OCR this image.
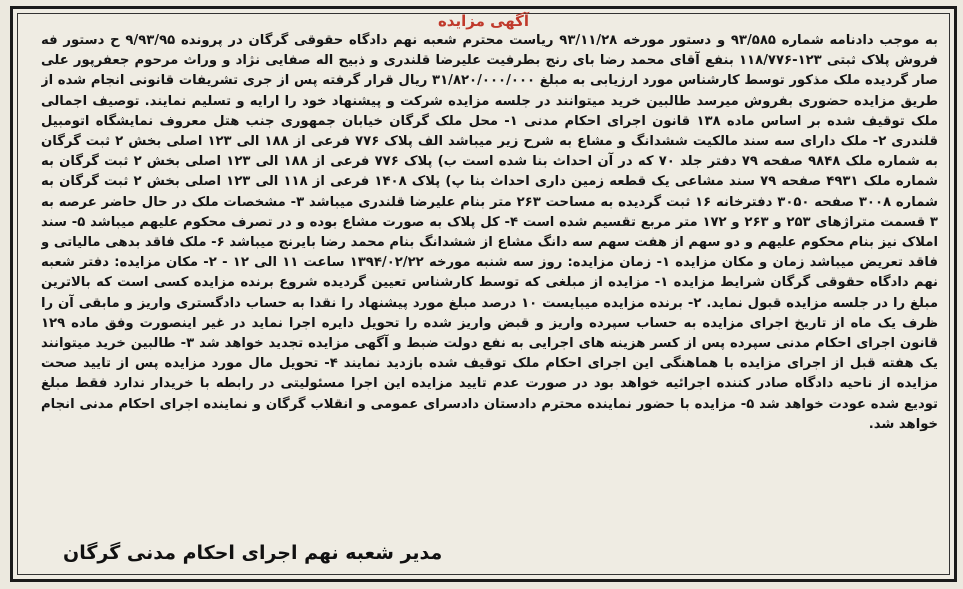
آگهی مزایده

به موجب دادنامه شماره ۹۳/۵۸۵ و دستور مورخه ۹۳/۱۱/۲۸ ریاست محترم شعبه نهم دادگاه حقوقی گرگان در پرونده ۹/۹۳/۹۵ ح دستور فه فروش پلاک ثبتی ۱۲۳-۱۱۸/۷۷۶ بنفع آقای محمد رضا بای رنج بطرفیت علیرضا قلندری و ذبیح اله صفایی نژاد و وراث مرحوم جعفرپور علی صار گردیده ملک مذکور توسط کارشناس مورد ارزیابی به مبلغ ۳۱/۸۲۰/۰۰۰/۰۰۰ ریال قرار گرفته پس از جری تشریفات قانونی انجام شده از طریق مزایده حضوری بفروش میرسد طالبین خرید میتوانند در جلسه مزایده شرکت و پیشنهاد خود را ارایه و تسلیم نمایند. توصیف اجمالی ملک توقیف شده بر اساس ماده ۱۳۸ قانون اجرای احکام مدنی ۱- محل ملک گرگان خیابان جمهوری جنب هتل معروف نمایشگاه اتومبیل قلندری ۲- ملک دارای سه سند مالکیت ششدانگ و مشاع به شرح زیر میباشد الف پلاک ۷۷۶ فرعی از ۱۸۸ الی ۱۲۳ اصلی بخش ۲ ثبت گرگان به شماره ملک ۹۸۴۸ صفحه ۷۹ دفتر جلد ۷۰ که در آن احداث بنا شده است ب) پلاک ۷۷۶ فرعی از ۱۸۸ الی ۱۲۳ اصلی بخش ۲ ثبت گرگان به شماره ملک ۴۹۳۱ صفحه ۷۹ سند مشاعی یک قطعه زمین داری احداث بنا پ) پلاک ۱۴۰۸ فرعی از ۱۱۸ الی ۱۲۳ اصلی بخش ۲ ثبت گرگان به شماره ۳۰۰۸ صفحه ۳۰۵۰ دفترخانه ۱۶ ثبت گردیده به مساحت ۲۶۳ متر بنام علیرضا قلندری میباشد ۳- مشخصات ملک در حال حاضر عرصه به ۳ قسمت متراژهای ۲۵۳ و ۲۶۳ و ۱۷۲ متر مربع تقسیم شده است ۴- کل پلاک به صورت مشاع بوده و در تصرف محکوم علیهم میباشد ۵- سند املاک نیز بنام محکوم علیهم و دو سهم از هفت سهم سه دانگ مشاع از ششدانگ بنام محمد رضا بایرنج میباشد ۶- ملک فاقد بدهی مالیاتی و فاقد تعریض میباشد زمان و مکان مزایده ۱- زمان مزایده: روز سه شنبه مورخه ۱۳۹۴/۰۲/۲۲ ساعت ۱۱ الی ۱۲ - ۲- مکان مزایده: دفتر شعبه نهم دادگاه حقوقی گرگان شرایط مزایده ۱- مزایده از مبلغی که توسط کارشناس تعیین گردیده شروع برنده مزایده کسی است که بالاترین مبلغ را در جلسه مزایده قبول نماید. ۲- برنده مزایده میبایست ۱۰ درصد مبلغ مورد پیشنهاد را نقدا به حساب دادگستری واریز و مابقی آن را ظرف یک ماه از تاریخ اجرای مزایده به حساب سپرده واریز و قبض واریز شده را تحویل دایره اجرا نماید در غیر اینصورت وفق ماده ۱۲۹ قانون اجرای احکام مدنی سپرده پس از کسر هزینه های اجرایی به نفع دولت ضبط و آگهی مزایده تجدید خواهد شد ۳- طالبین خرید میتوانند یک هفته قبل از اجرای مزایده با هماهنگی این اجرای احکام ملک توقیف شده بازدید نمایند ۴- تحویل مال مورد مزایده پس از تایید صحت مزایده از ناحیه دادگاه صادر کننده اجرائیه خواهد بود در صورت عدم تایید مزایده این اجرا مسئولیتی در رابطه با خریدار ندارد فقط مبلغ تودیع شده عودت خواهد شد ۵- مزایده با حضور نماینده محترم دادستان دادسرای عمومی و انقلاب گرگان و نماینده اجرای احکام مدنی انجام خواهد شد.

مدیر شعبه نهم اجرای احکام مدنی گرگان
